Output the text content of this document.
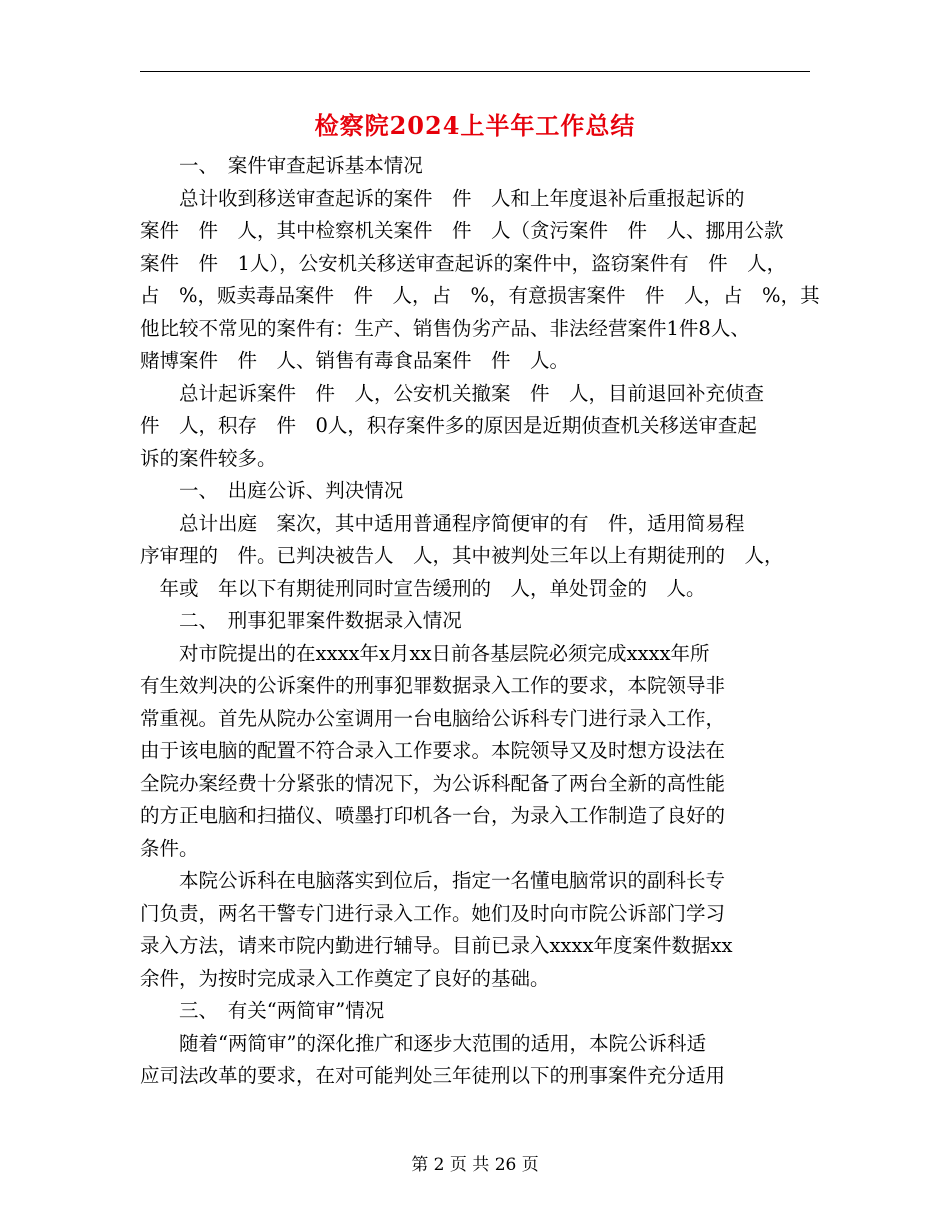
检察院2024上半年工作总结

　　一、　案件审查起诉基本情况

　　总计收到移送审查起诉的案件　件　人和上年度退补后重报起诉的

案件　件　人，其中检察机关案件　件　人（贪污案件　件　人、挪用公款

案件　件　1人），公安机关移送审查起诉的案件中，盗窃案件有　件　人，

占　%，贩卖毒品案件　件　人，占　%，有意损害案件　件　人，占　%，其

他比较不常见的案件有：生产、销售伪劣产品、非法经营案件1件8人、

赌博案件　件　人、销售有毒食品案件　件　人。

　　总计起诉案件　件　人，公安机关撤案　件　人，目前退回补充侦查

件　人，积存　件　0人，积存案件多的原因是近期侦查机关移送审查起

诉的案件较多。

　　一、　出庭公诉、判决情况

　　总计出庭　案次，其中适用普通程序简便审的有　件，适用简易程

序审理的　件。已判决被告人　人，其中被判处三年以上有期徒刑的　人，

　年或　年以下有期徒刑同时宣告缓刑的　人，单处罚金的　人。

　　二、　刑事犯罪案件数据录入情况

　　对市院提出的在xxxx年x月xx日前各基层院必须完成xxxx年所

有生效判决的公诉案件的刑事犯罪数据录入工作的要求，本院领导非

常重视。首先从院办公室调用一台电脑给公诉科专门进行录入工作，

由于该电脑的配置不符合录入工作要求。本院领导又及时想方设法在

全院办案经费十分紧张的情况下，为公诉科配备了两台全新的高性能

的方正电脑和扫描仪、喷墨打印机各一台，为录入工作制造了良好的

条件。

　　本院公诉科在电脑落实到位后，指定一名懂电脑常识的副科长专

门负责，两名干警专门进行录入工作。她们及时向市院公诉部门学习

录入方法，请来市院内勤进行辅导。目前已录入xxxx年度案件数据xx

余件，为按时完成录入工作奠定了良好的基础。

　　三、　有关“两简审”情况

　　随着“两简审”的深化推广和逐步大范围的适用，本院公诉科适

应司法改革的要求，在对可能判处三年徒刑以下的刑事案件充分适用

第 2 页 共 26 页
